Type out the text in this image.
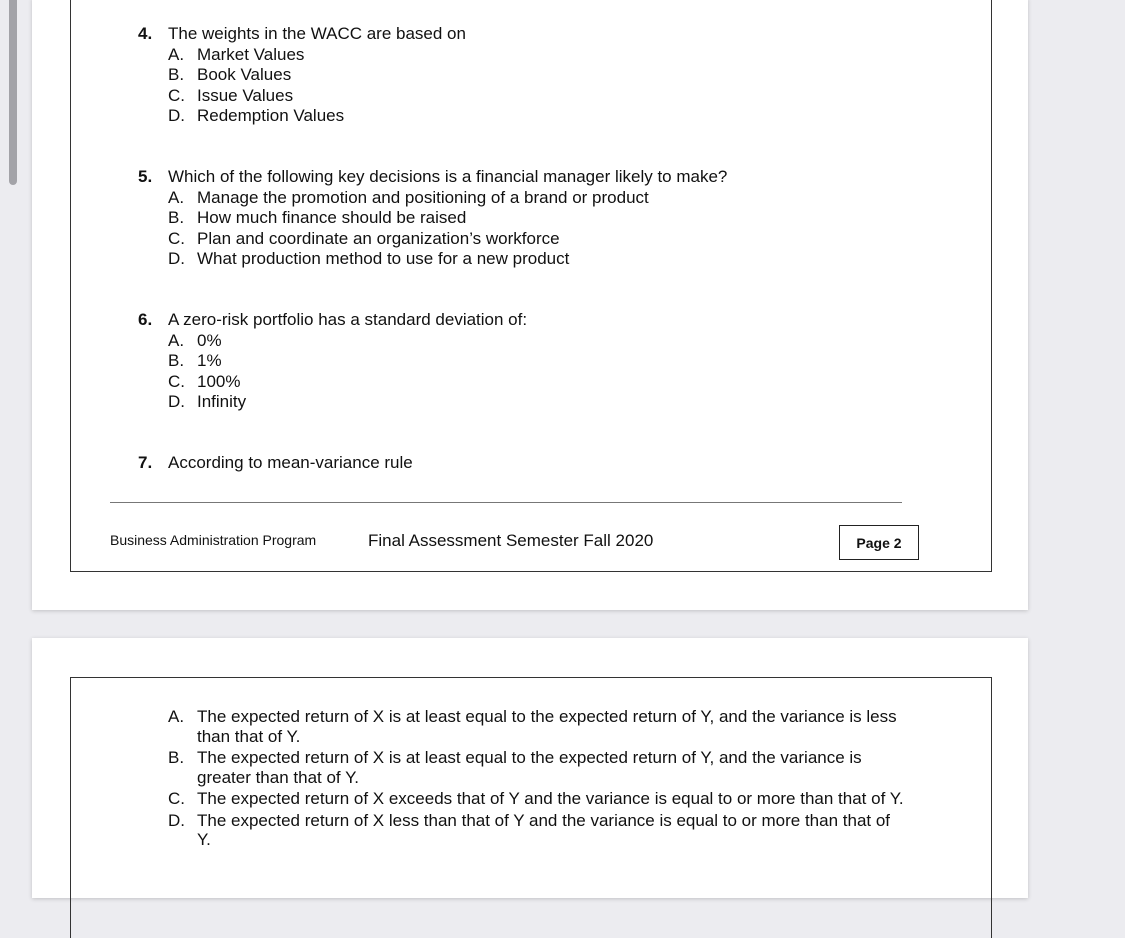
4. The weights in the WACC are based on
A. Market Values
B. Book Values
C. Issue Values
D. Redemption Values
5. Which of the following key decisions is a financial manager likely to make?
A. Manage the promotion and positioning of a brand or product
B. How much finance should be raised
C. Plan and coordinate an organization’s workforce
D. What production method to use for a new product
6. A zero-risk portfolio has a standard deviation of:
A. 0%
B. 1%
C. 100%
D. Infinity
7. According to mean-variance rule
Business Administration Program	Final Assessment Semester Fall 2020	Page 2
A. The expected return of X is at least equal to the expected return of Y, and the variance is less than that of Y.
B. The expected return of X is at least equal to the expected return of Y, and the variance is greater than that of Y.
C. The expected return of X exceeds that of Y and the variance is equal to or more than that of Y.
D. The expected return of X less than that of Y and the variance is equal to or more than that of Y.
